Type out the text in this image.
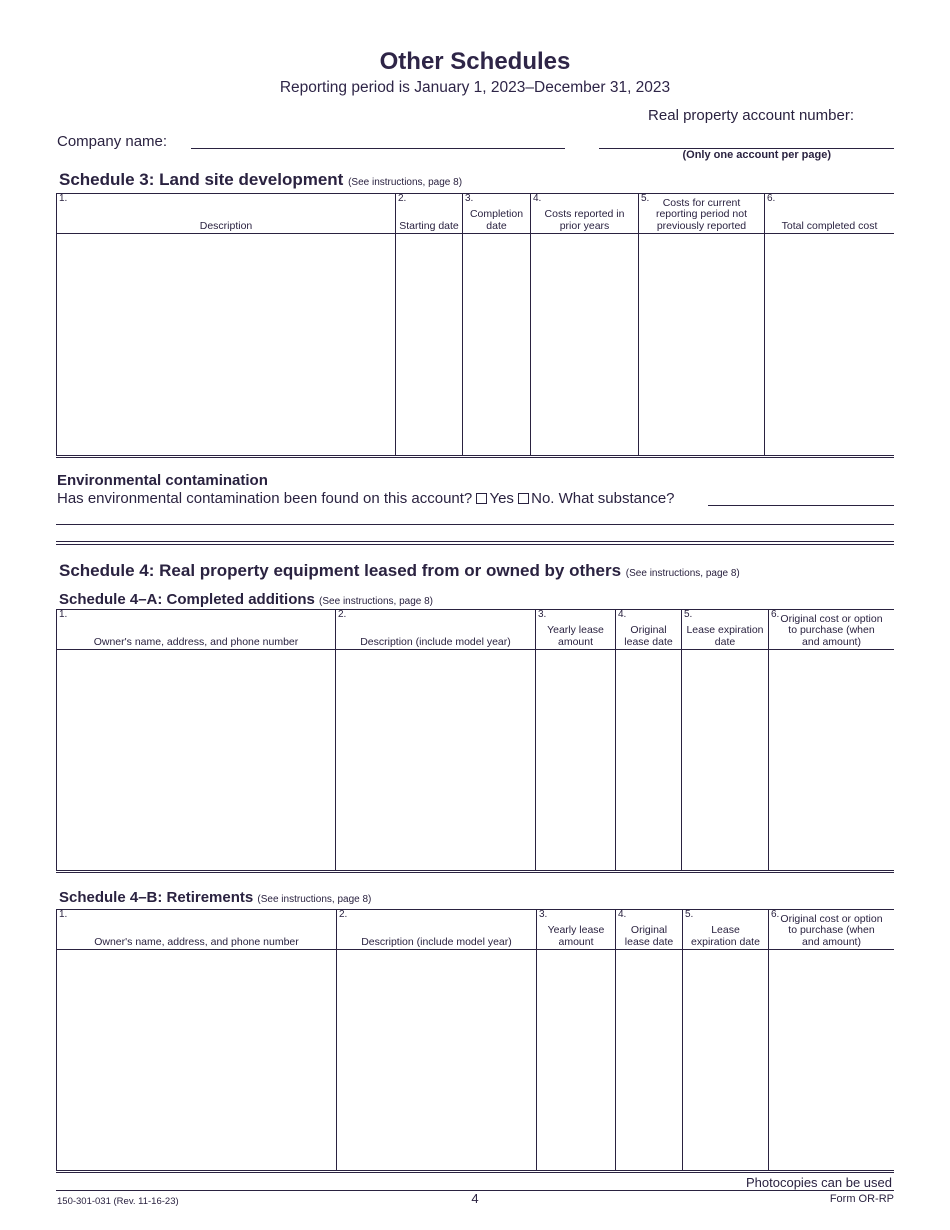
Other Schedules
Reporting period is January 1, 2023–December 31, 2023
Real property account number:
Company name:
(Only one account per page)
Schedule 3: Land site development (See instructions, page 8)
1.
Description
2.
Starting date
3.
Completion date
4.
Costs reported in prior years
5.	Costs for current reporting period not previously reported
6.
Total completed cost
Environmental contamination
Has environmental contamination been found on this account? Yes No. What substance?
Schedule 4: Real property equipment leased from or owned by others (See instructions, page 8)
Schedule 4–A: Completed additions (See instructions, page 8)
1.
Owner's name, address, and phone number
2.
Description (include model year)
3.
Yearly lease amount
4.
Original lease date
5.
Lease expiration date
6. Original cost or option to purchase (when and amount)
Schedule 4–B: Retirements (See instructions, page 8)
1.
Owner's name, address, and phone number
2.
Description (include model year)
3.
Yearly lease amount
4.
Original lease date
5.
Lease expiration date
6. Original cost or option to purchase (when and amount)
Photocopies can be used
Form OR-RP
150-301-031 (Rev. 11-16-23)	4
